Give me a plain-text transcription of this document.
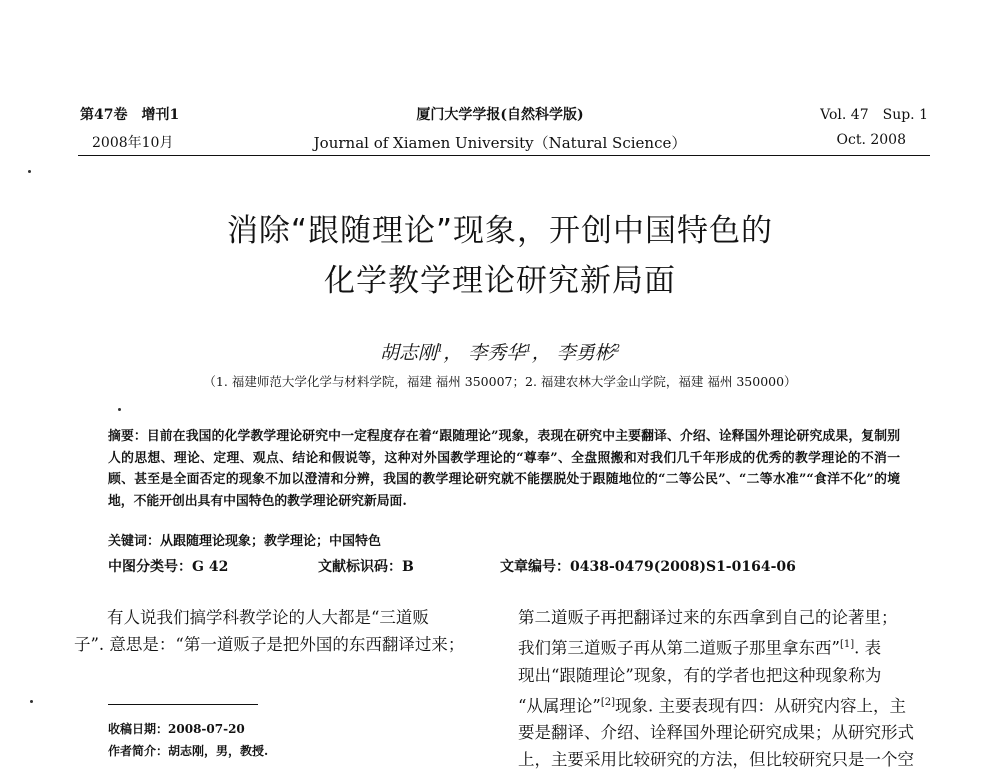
第47卷　增刊1
2008年10月
厦门大学学报(自然科学版)
Journal of Xiamen University（Natural Science）
Vol. 47　Sup. 1
Oct. 2008
消除“跟随理论”现象，开创中国特色的
化学教学理论研究新局面
胡志刚$^1$， 李秀华$^1$， 李勇彬$^2$
（1. 福建师范大学化学与材料学院，福建 福州 350007；2. 福建农林大学金山学院，福建 福州 350000）
摘要：目前在我国的化学教学理论研究中一定程度存在着“跟随理论”现象，表现在研究中主要翻译、介绍、诠释国外理论研究成果，复制别人的思想、理论、定理、观点、结论和假说等，这种对外国教学理论的“尊奉”、全盘照搬和对我们几千年形成的优秀的教学理论的不消一顾、甚至是全面否定的现象不加以澄清和分辨，我国的教学理论研究就不能摆脱处于跟随地位的“二等公民”、“二等水准”“食洋不化”的境地，不能开创出具有中国特色的教学理论研究新局面.
关键词：从跟随理论现象；教学理论；中国特色
中图分类号：G 42	文献标识码：B	文章编号：0438-0479(2008)S1-0164-06
　　有人说我们搞学科教学论的人大都是“三道贩
子”. 意思是：“第一道贩子是把外国的东西翻译过来；
收稿日期：2008-07-20
作者简介：胡志刚，男，教授.
第二道贩子再把翻译过来的东西拿到自己的论著里；
我们第三道贩子再从第二道贩子那里拿东西”[1]. 表
现出“跟随理论”现象，有的学者也把这种现象称为
“从属理论”[2]现象. 主要表现有四：从研究内容上，主
要是翻译、介绍、诠释国外理论研究成果；从研究形式
上，主要采用比较研究的方法，但比较研究只是一个空
